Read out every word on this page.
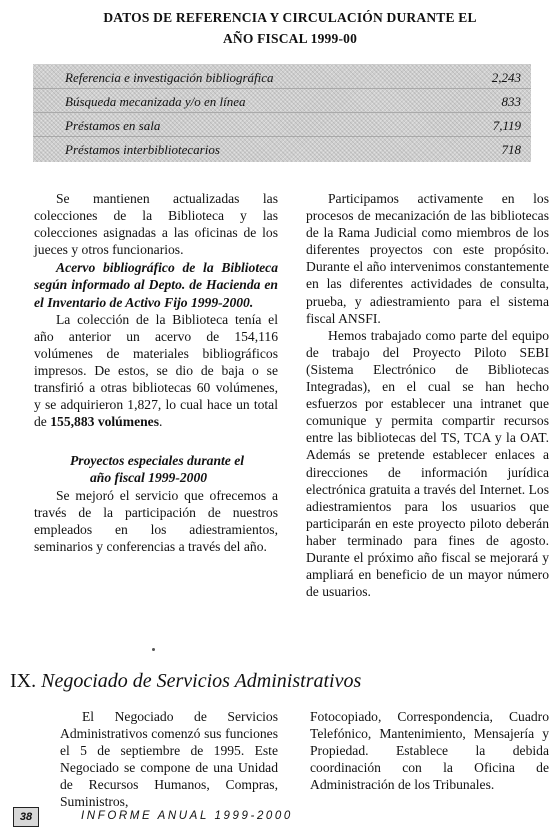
DATOS DE REFERENCIA Y CIRCULACIÓN DURANTE EL
AÑO FISCAL 1999-00
Referencia e investigación bibliográfica	2,243
Búsqueda mecanizada y/o en línea	833
Préstamos en sala	7,119
Préstamos interbibliotecarios	718

Se mantienen actualizadas las colecciones de la Biblioteca y las colecciones asignadas a las oficinas de los jueces y otros funcionarios.

Acervo bibliográfico de la Biblioteca según informado al Depto. de Hacienda en el Inventario de Activo Fijo 1999-2000.

La colección de la Biblioteca tenía el año anterior un acervo de 154,116 volúmenes de materiales bibliográficos impresos. De estos, se dio de baja o se transfirió a otras bibliotecas 60 volúmenes, y se adquirieron 1,827, lo cual hace un total de 155,883 volúmenes.

Proyectos especiales durante el

año fiscal 1999-2000

Se mejoró el servicio que ofrecemos a través de la participación de nuestros empleados en los adiestramientos, seminarios y conferencias a través del año.

Participamos activamente en los procesos de mecanización de las bibliotecas de la Rama Judicial como miembros de los diferentes proyectos con este propósito. Durante el año intervenimos constantemente en las diferentes actividades de consulta, prueba, y adiestramiento para el sistema fiscal ANSFI.

Hemos trabajado como parte del equipo de trabajo del Proyecto Piloto SEBI (Sistema Electrónico de Bibliotecas Integradas), en el cual se han hecho esfuerzos por establecer una intranet que comunique y permita compartir recursos entre las bibliotecas del TS, TCA y la OAT. Además se pretende establecer enlaces a direcciones de información jurídica electrónica gratuita a través del Internet. Los adiestramientos para los usuarios que participarán en este proyecto piloto deberán haber terminado para fines de agosto. Durante el próximo año fiscal se mejorará y ampliará en beneficio de un mayor número de usuarios.

IX. Negociado de Servicios Administrativos

El Negociado de Servicios Administrativos comenzó sus funciones el 5 de septiembre de 1995. Este Negociado se compone de una Unidad de Recursos Humanos, Compras, Suministros,

Fotocopiado, Correspondencia, Cuadro Telefónico, Mantenimiento, Mensajería y Propiedad. Establece la debida coordinación con la Oficina de Administración de los Tribunales.

38	INFORME ANUAL 1999-2000
